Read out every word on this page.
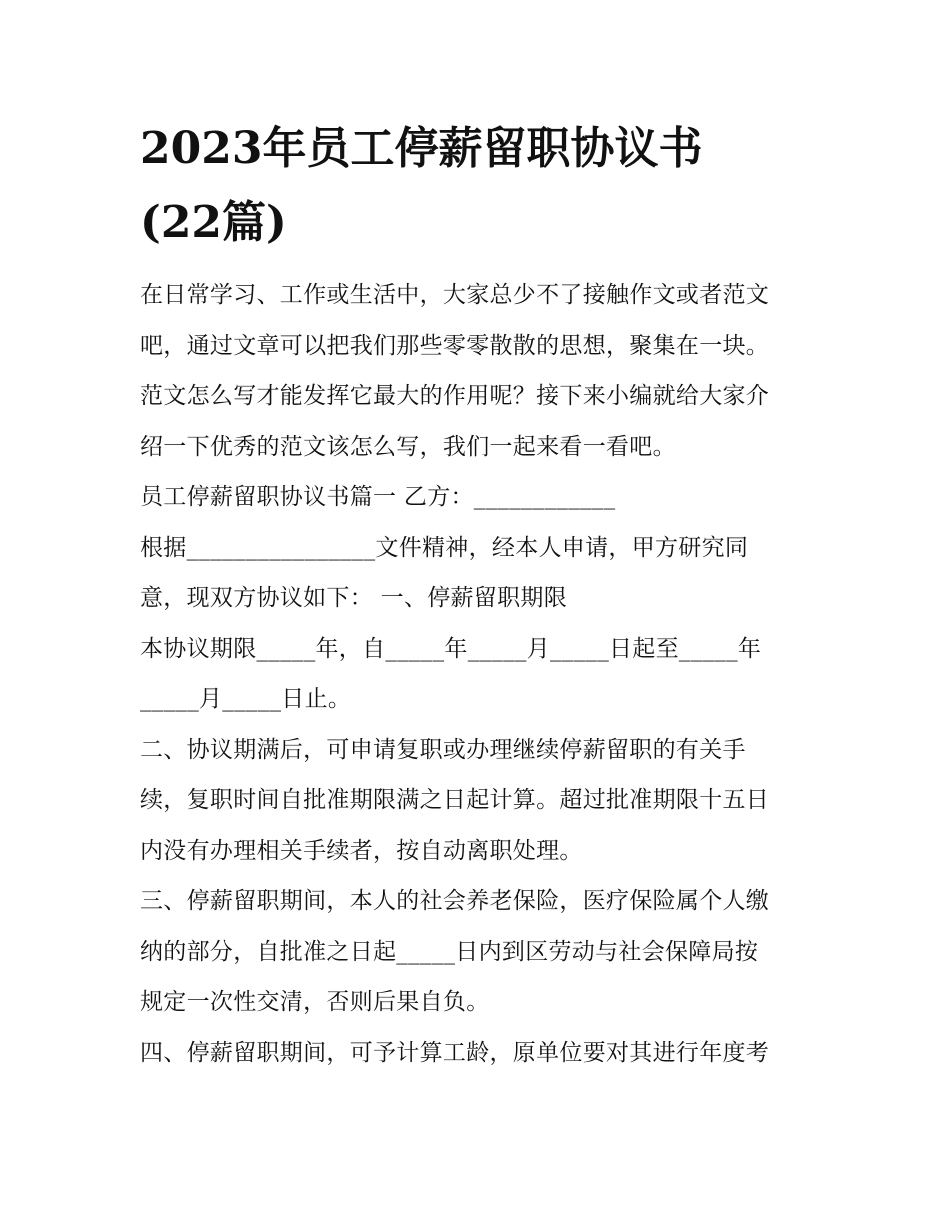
2023年员工停薪留职协议书
(22篇)
在日常学习、工作或生活中，大家总少不了接触作文或者范文
吧，通过文章可以把我们那些零零散散的思想，聚集在一块。
范文怎么写才能发挥它最大的作用呢？接下来小编就给大家介
绍一下优秀的范文该怎么写，我们一起来看一看吧。
员工停薪留职协议书篇一 乙方：____________
根据________________文件精神，经本人申请，甲方研究同
意，现双方协议如下： 一、停薪留职期限
本协议期限_____年，自_____年_____月_____日起至_____年
_____月_____日止。
二、协议期满后，可申请复职或办理继续停薪留职的有关手
续，复职时间自批准期限满之日起计算。超过批准期限十五日
内没有办理相关手续者，按自动离职处理。
三、停薪留职期间，本人的社会养老保险，医疗保险属个人缴
纳的部分，自批准之日起_____日内到区劳动与社会保障局按
规定一次性交清，否则后果自负。
四、停薪留职期间，可予计算工龄，原单位要对其进行年度考
